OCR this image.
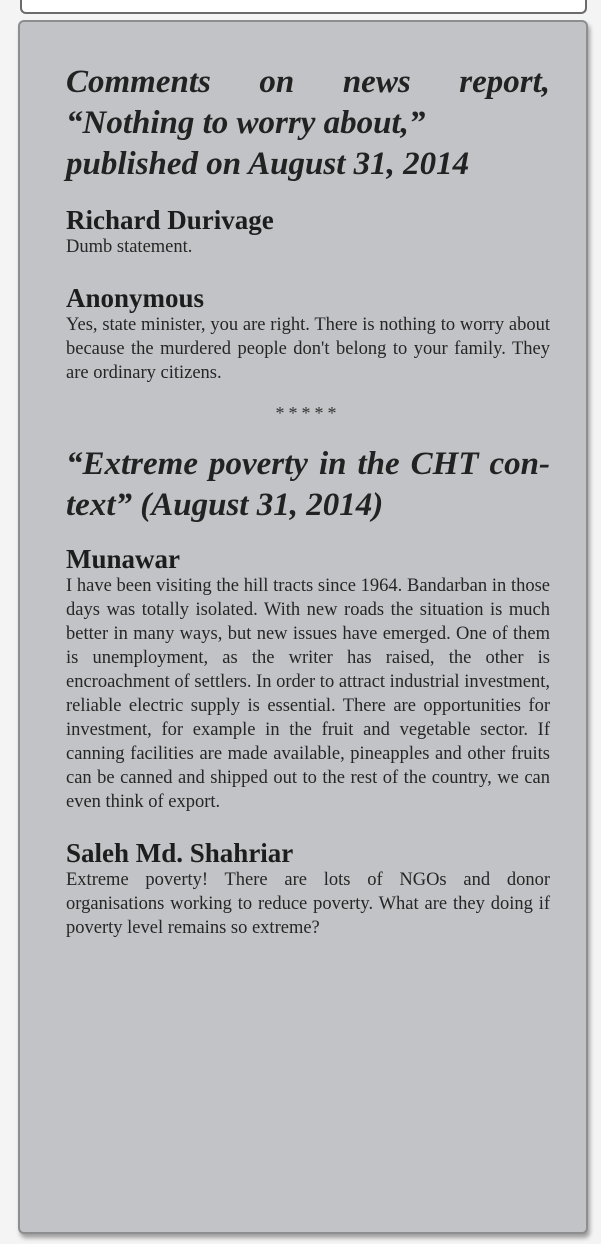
Comments on news report,
“Nothing to worry about,”
published on August 31, 2014

Richard Durivage

Dumb statement.

Anonymous

Yes, state minister, you are right. There is nothing to worry about because the murdered people don't belong to your family. They are ordinary citizens.

*****

“Extreme poverty in the CHT con-
text” (August 31, 2014)

Munawar

I have been visiting the hill tracts since 1964. Bandarban in those days was totally isolated. With new roads the situation is much better in many ways, but new issues have emerged. One of them is unemployment, as the writer has raised, the other is encroachment of settlers. In order to attract industrial investment, reliable electric supply is essential. There are opportunities for investment, for example in the fruit and vegetable sector. If canning facilities are made available, pineapples and other fruits can be canned and shipped out to the rest of the country, we can even think of export.

Saleh Md. Shahriar

Extreme poverty! There are lots of NGOs and donor organisations working to reduce poverty. What are they doing if poverty level remains so extreme?
